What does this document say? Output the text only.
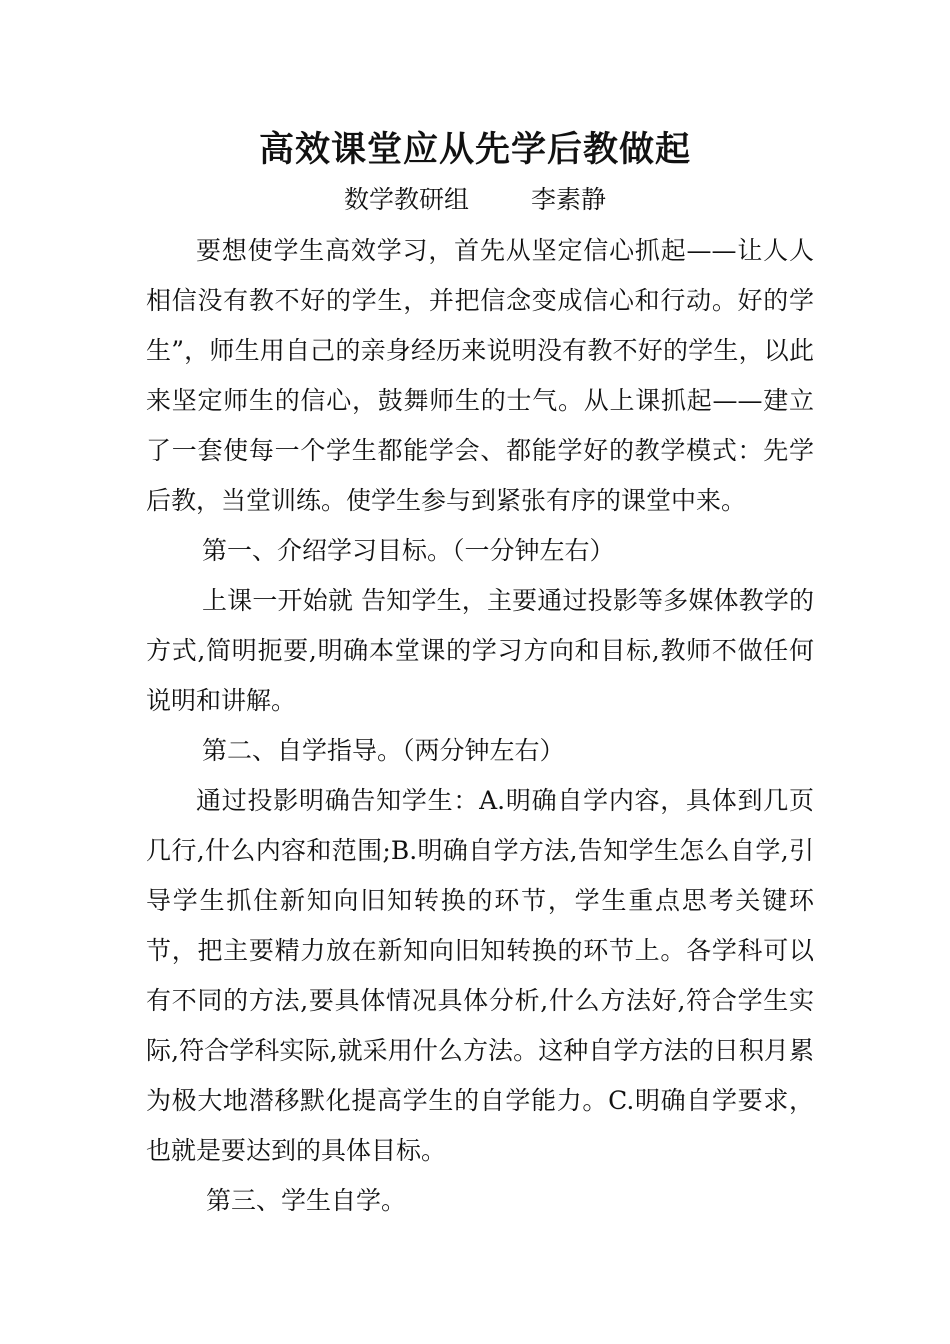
高效课堂应从先学后教做起
数学教研组 李素静

要想使学生高效学习，首先从坚定信心抓起——让人人相信没有教不好的学生，并把信念变成信心和行动。好的学生”，师生用自己的亲身经历来说明没有教不好的学生，以此来坚定师生的信心，鼓舞师生的士气。从上课抓起——建立了一套使每一个学生都能学会、都能学好的教学模式：先学后教，当堂训练。使学生参与到紧张有序的课堂中来。

第一、介绍学习目标。（一分钟左右）

上课一开始就 告知学生，主要通过投影等多媒体教学的方式,简明扼要,明确本堂课的学习方向和目标,教师不做任何说明和讲解。

第二、自学指导。（两分钟左右）

通过投影明确告知学生：A.明确自学内容，具体到几页几行,什么内容和范围;B.明确自学方法,告知学生怎么自学,引导学生抓住新知向旧知转换的环节，学生重点思考关键环节，把主要精力放在新知向旧知转换的环节上。各学科可以有不同的方法,要具体情况具体分析,什么方法好,符合学生实际,符合学科实际,就采用什么方法。这种自学方法的日积月累为极大地潜移默化提高学生的自学能力。C.明确自学要求，也就是要达到的具体目标。

第三、学生自学。
